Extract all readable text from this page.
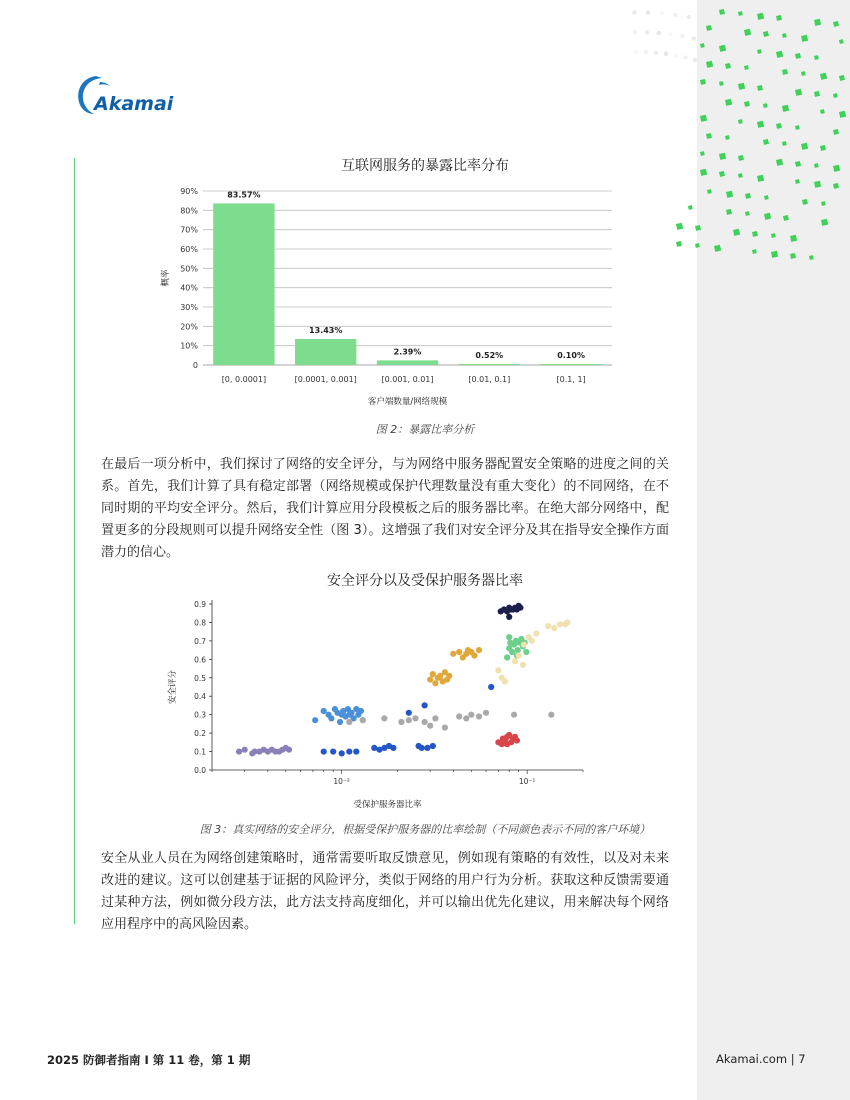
Akamai
互联网服务的暴露比率分布
0
10%
20%
30%
40%
50%
60%
70%
80%
90%	83.57%
[0, 0.0001]
13.43%
[0.0001, 0.001]
2.39%
[0.001, 0.01]
0.52%
[0.01, 0.1]
0.10%
[0.1, 1]
客户端数量/网络规模
概率
图 2：暴露比率分析

在最后一项分析中，我们探讨了网络的安全评分，与为网络中服务器配置安全策略的进度之间的关系。首先，我们计算了具有稳定部署（网络规模或保护代理数量没有重大变化）的不同网络，在不同时期的平均安全评分。然后，我们计算应用分段模板之后的服务器比率。在绝大部分网络中，配置更多的分段规则可以提升网络安全性（图 3）。这增强了我们对安全评分及其在指导安全操作方面潜力的信心。

安全评分以及受保护服务器比率
0.0
0.1
0.2
0.3
0.4
0.5
0.6
0.7
0.8
0.9
10⁻²	10⁻¹
受保护服务器比率
安全评分
图 3：真实网络的安全评分，根据受保护服务器的比率绘制（不同颜色表示不同的客户环境）

安全从业人员在为网络创建策略时，通常需要听取反馈意见，例如现有策略的有效性，以及对未来改进的建议。这可以创建基于证据的风险评分，类似于网络的用户行为分析。获取这种反馈需要通过某种方法，例如微分段方法，此方法支持高度细化，并可以输出优先化建议，用来解决每个网络应用程序中的高风险因素。

2025 防御者指南 I 第 11 卷，第 1 期	Akamai.com | 7
